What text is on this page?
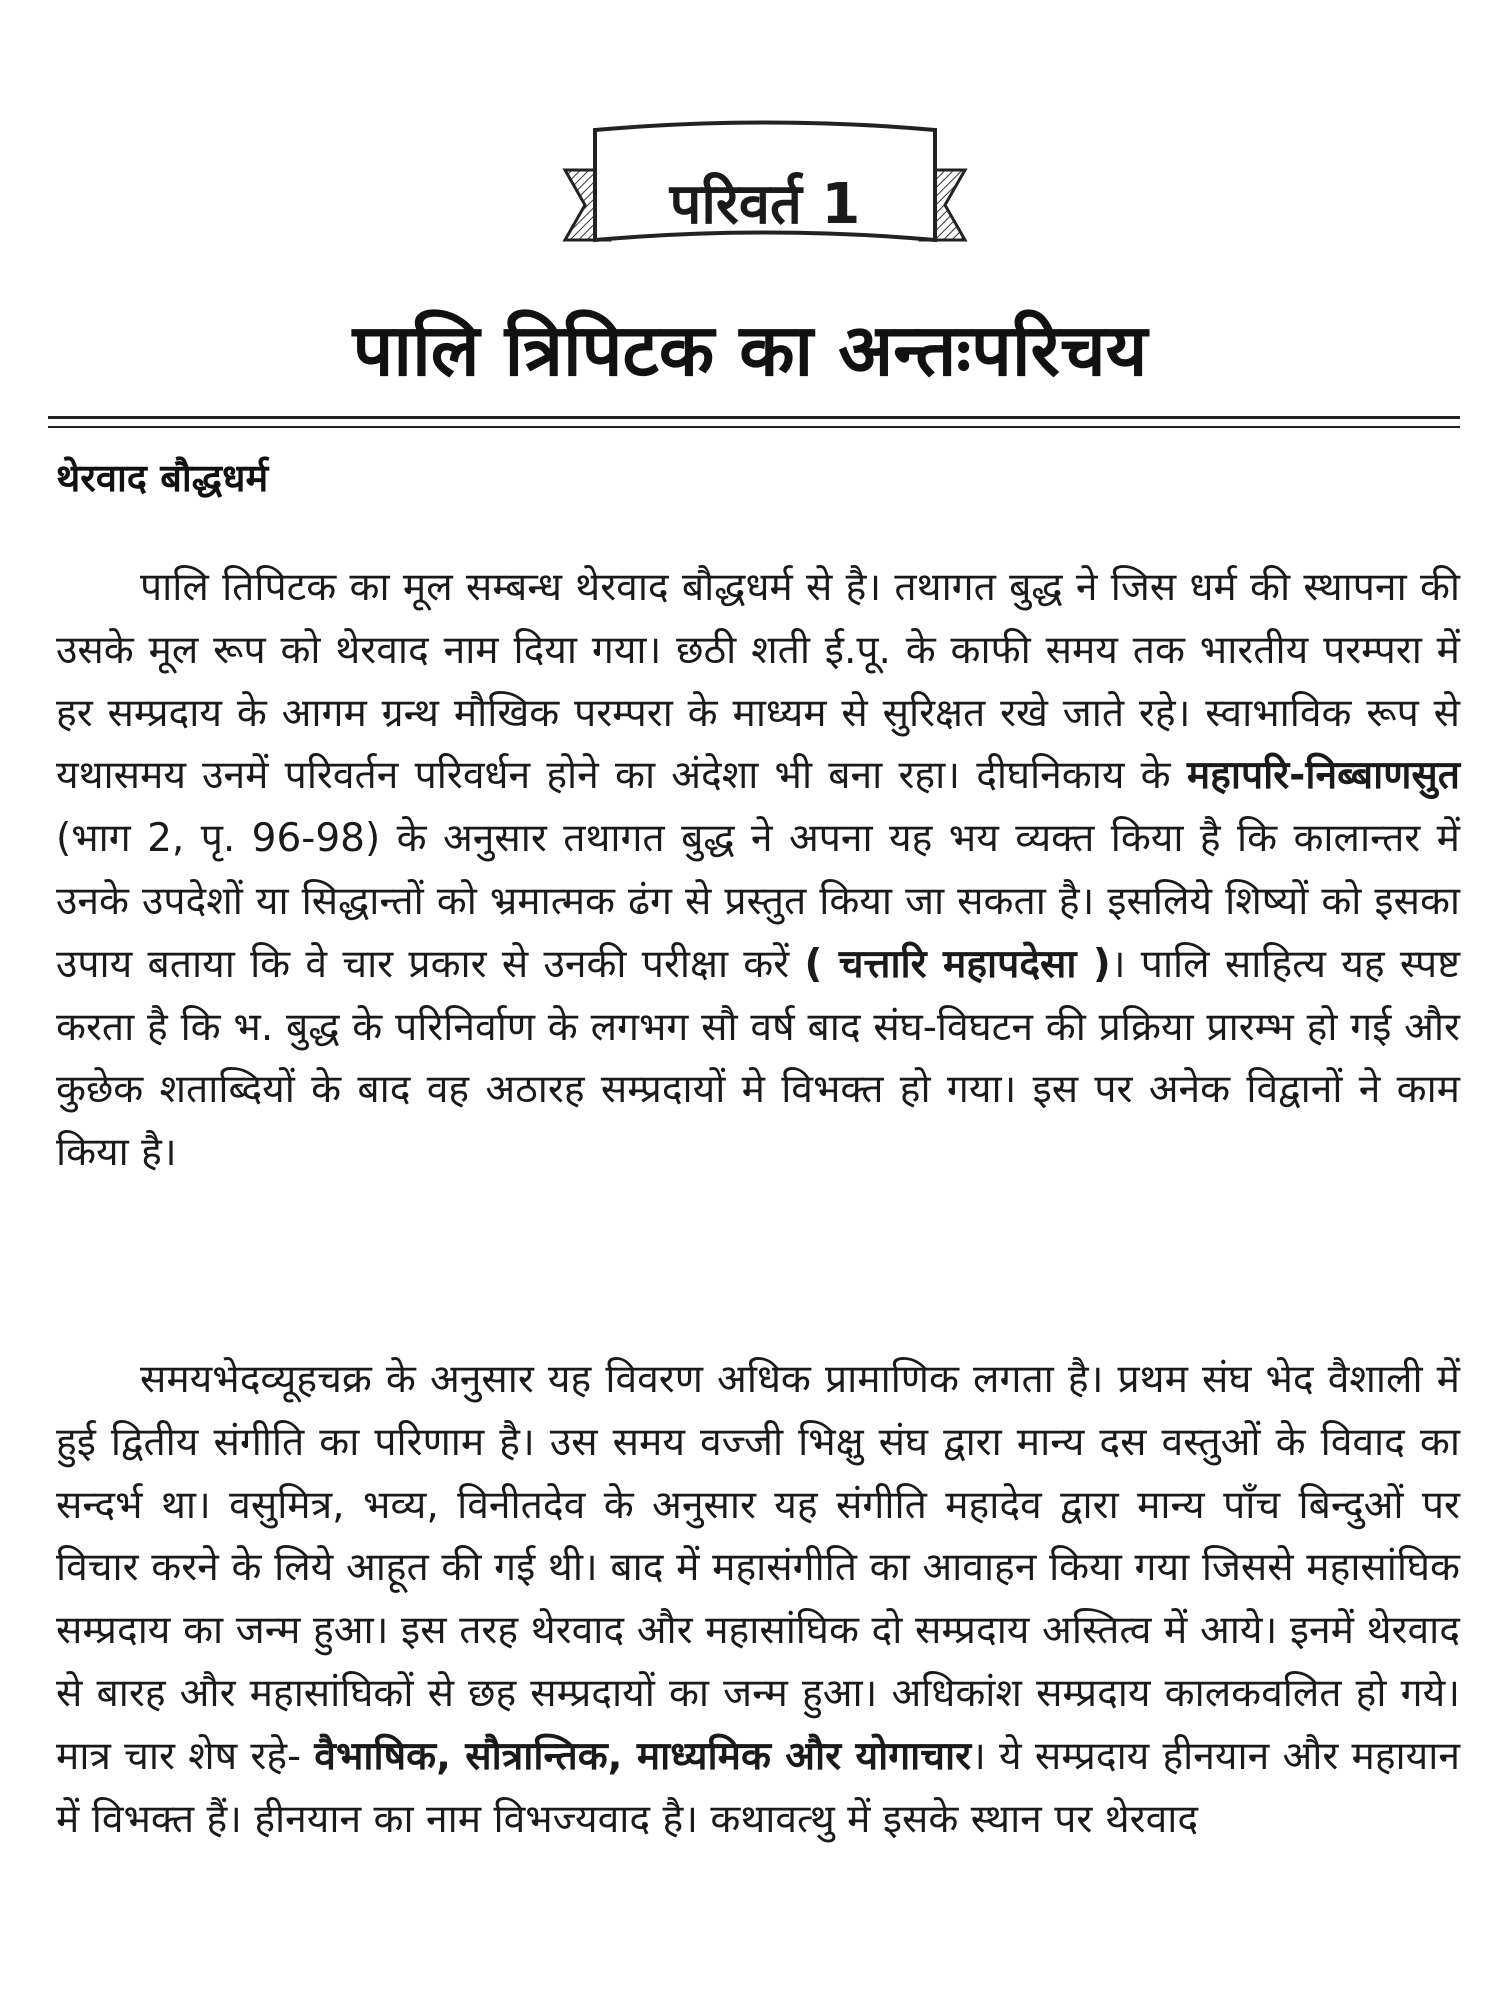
परिवर्त 1
पालि त्रिपिटक का अन्तःपरिचय
थेरवाद बौद्धधर्म

पालि तिपिटक का मूल सम्बन्ध थेरवाद बौद्धधर्म से है। तथागत बुद्ध ने जिस धर्म की स्थापना की उसके मूल रूप को थेरवाद नाम दिया गया। छठी शती ई.पू. के काफी समय तक भारतीय परम्परा में हर सम्प्रदाय के आगम ग्रन्थ मौखिक परम्परा के माध्यम से सुरिक्षत रखे जाते रहे। स्वाभाविक रूप से यथासमय उनमें परिवर्तन परिवर्धन होने का अंदेशा भी बना रहा। दीघनिकाय के महापरि-निब्बाणसुत (भाग 2, पृ. 96-98) के अनुसार तथागत बुद्ध ने अपना यह भय व्यक्त किया है कि कालान्तर में उनके उपदेशों या सिद्धान्तों को भ्रमात्मक ढंग से प्रस्तुत किया जा सकता है। इसलिये शिष्यों को इसका उपाय बताया कि वे चार प्रकार से उनकी परीक्षा करें ( चत्तारि महापदेसा )। पालि साहित्य यह स्पष्ट करता है कि भ. बुद्ध के परिनिर्वाण के लगभग सौ वर्ष बाद संघ-विघटन की प्रक्रिया प्रारम्भ हो गई और कुछेक शताब्दियों के बाद वह अठारह सम्प्रदायों मे विभक्त हो गया। इस पर अनेक विद्वानों ने काम किया है।

समयभेदव्यूहचक्र के अनुसार यह विवरण अधिक प्रामाणिक लगता है। प्रथम संघ भेद वैशाली में हुई द्वितीय संगीति का परिणाम है। उस समय वज्जी भिक्षु संघ द्वारा मान्य दस वस्तुओं के विवाद का सन्दर्भ था। वसुमित्र, भव्य, विनीतदेव के अनुसार यह संगीति महादेव द्वारा मान्य पाँच बिन्दुओं पर विचार करने के लिये आहूत की गई थी। बाद में महासंगीति का आवाहन किया गया जिससे महासांघिक सम्प्रदाय का जन्म हुआ। इस तरह थेरवाद और महासांघिक दो सम्प्रदाय अस्तित्व में आये। इनमें थेरवाद से बारह और महासांघिकों से छह सम्प्रदायों का जन्म हुआ। अधिकांश सम्प्रदाय कालकवलित हो गये। मात्र चार शेष रहे- वैभाषिक, सौत्रान्तिक, माध्यमिक और योगाचार। ये सम्प्रदाय हीनयान और महायान में विभक्त हैं। हीनयान का नाम विभज्यवाद है। कथावत्थु में इसके स्थान पर थेरवाद
